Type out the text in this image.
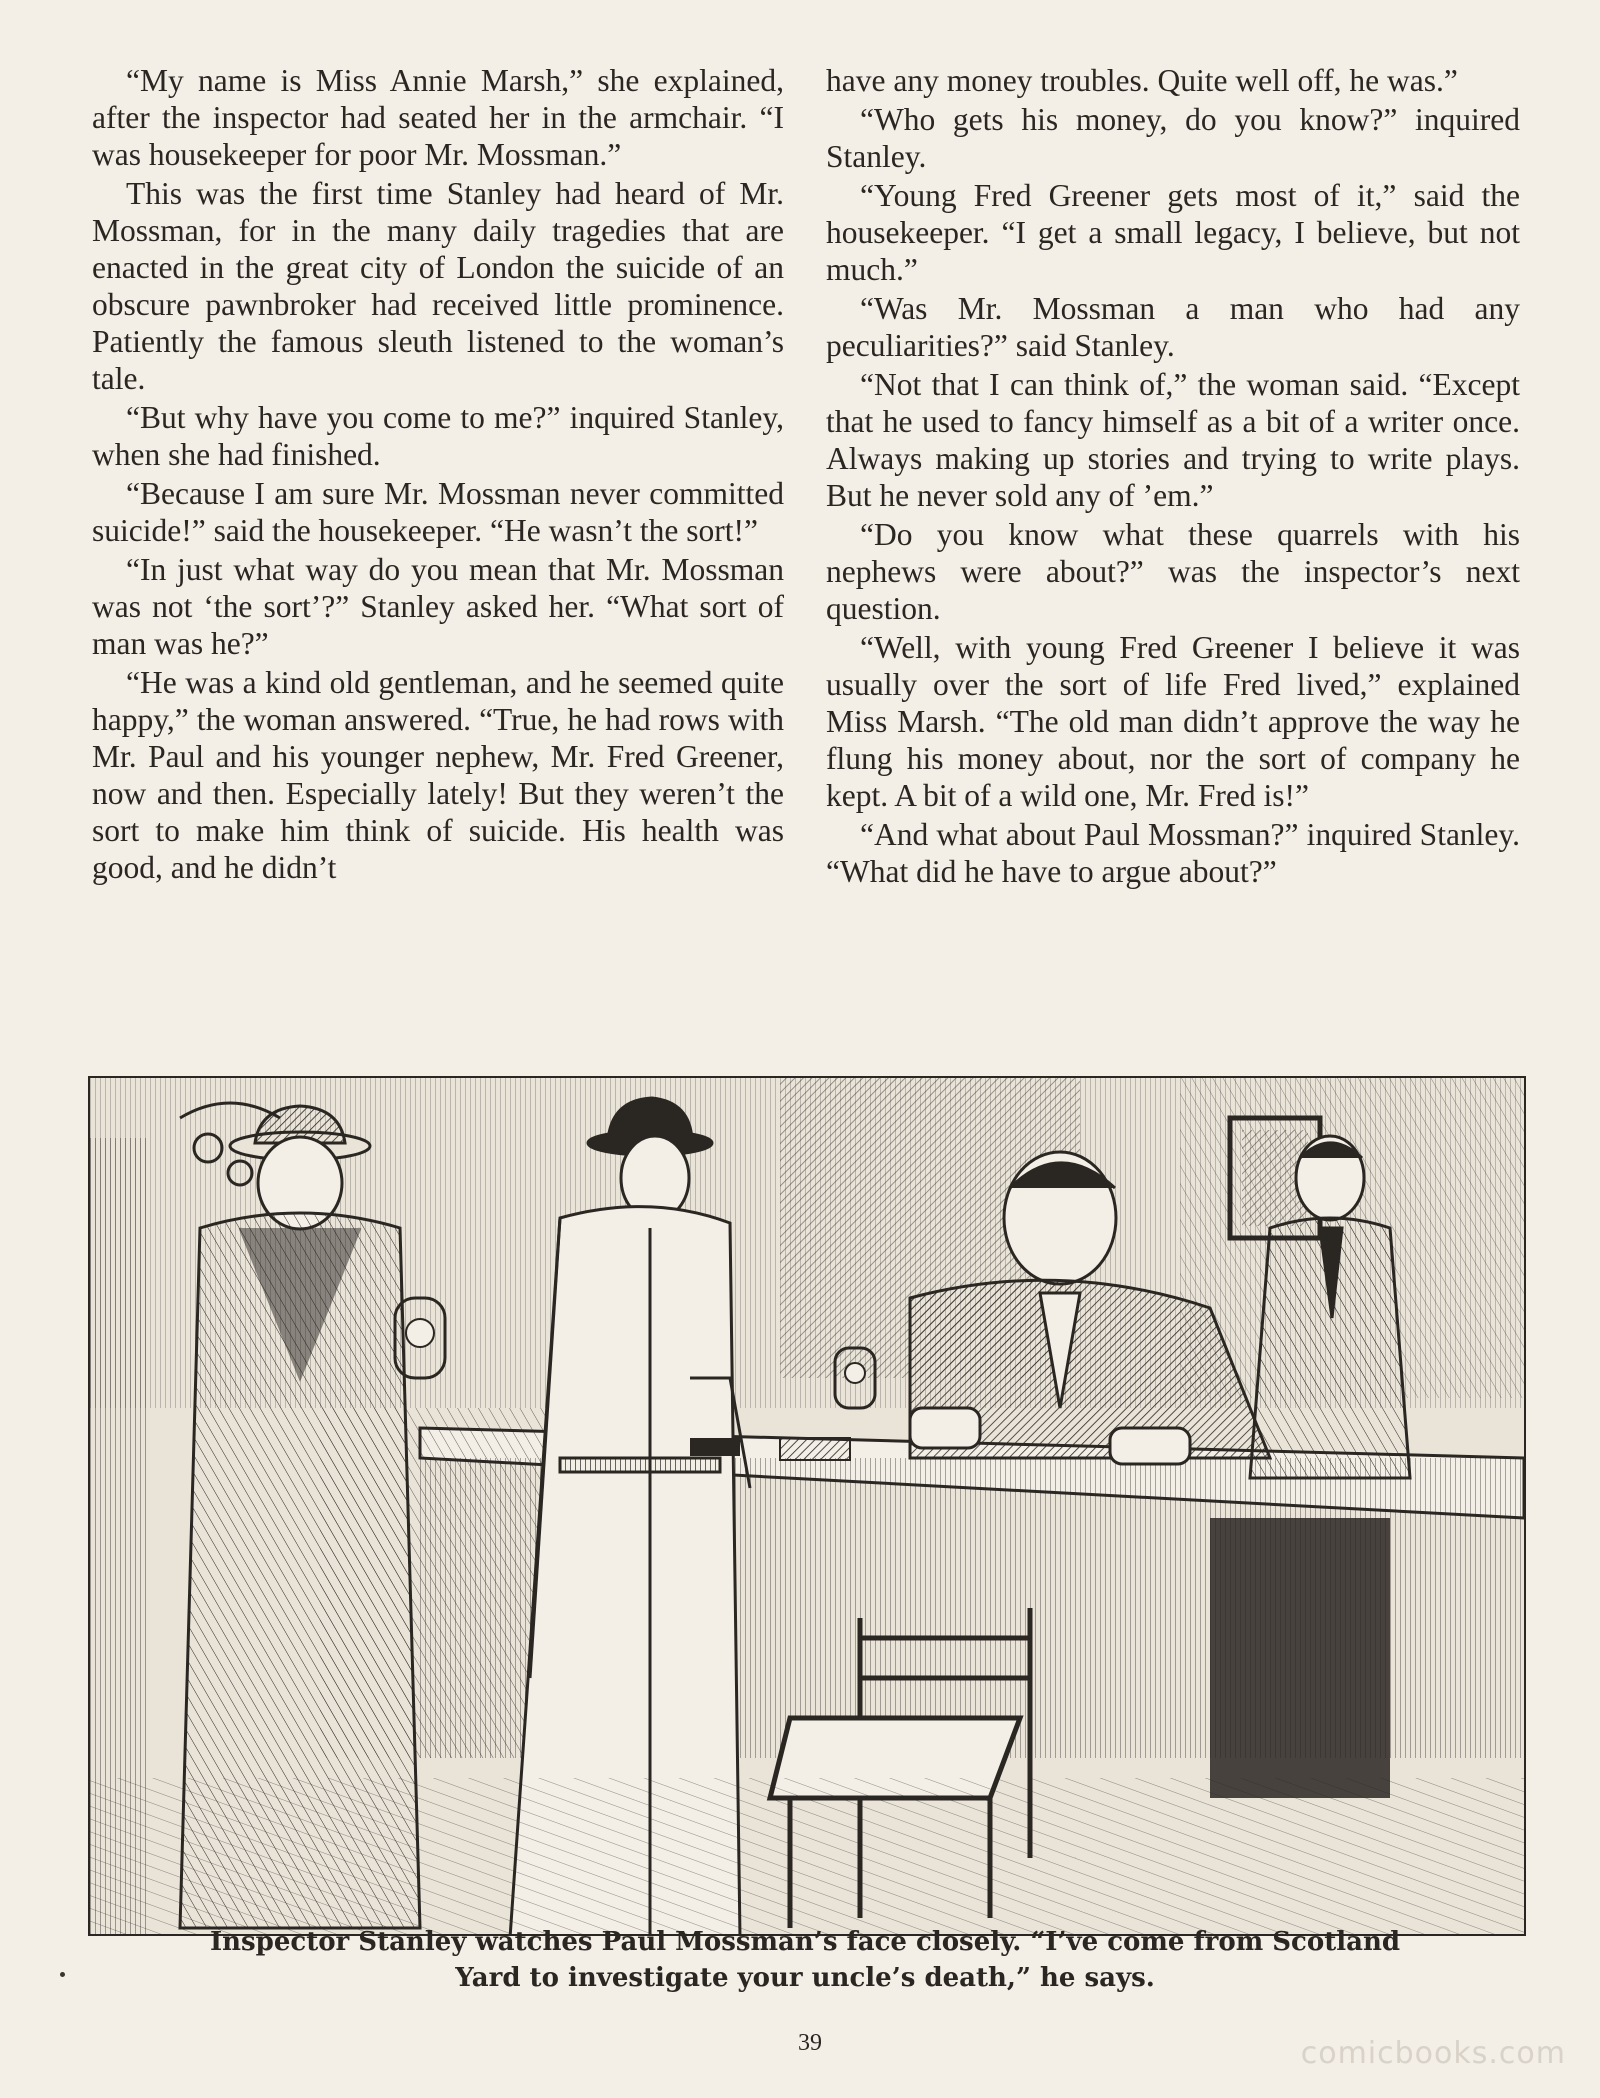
“My name is Miss Annie Marsh,” she explained, after the inspector had seated her in the armchair. “I was housekeeper for poor Mr. Mossman.”

This was the first time Stanley had heard of Mr. Mossman, for in the many daily tragedies that are enacted in the great city of London the suicide of an obscure pawnbroker had received little prominence. Patiently the famous sleuth listened to the woman’s tale.

“But why have you come to me?” inquired Stanley, when she had finished.

“Because I am sure Mr. Mossman never committed suicide!” said the housekeeper. “He wasn’t the sort!”

“In just what way do you mean that Mr. Mossman was not ‘the sort’?” Stanley asked her. “What sort of man was he?”

“He was a kind old gentleman, and he seemed quite happy,” the woman answered. “True, he had rows with Mr. Paul and his younger nephew, Mr. Fred Greener, now and then. Especially lately! But they weren’t the sort to make him think of suicide. His health was good, and he didn’t

have any money troubles. Quite well off, he was.”

“Who gets his money, do you know?” inquired Stanley.

“Young Fred Greener gets most of it,” said the housekeeper. “I get a small legacy, I believe, but not much.”

“Was Mr. Mossman a man who had any peculiarities?” said Stanley.

“Not that I can think of,” the woman said. “Except that he used to fancy himself as a bit of a writer once. Always making up stories and trying to write plays. But he never sold any of ’em.”

“Do you know what these quarrels with his nephews were about?” was the inspector’s next question.

“Well, with young Fred Greener I believe it was usually over the sort of life Fred lived,” explained Miss Marsh. “The old man didn’t approve the way he flung his money about, nor the sort of company he kept. A bit of a wild one, Mr. Fred is!”

“And what about Paul Mossman?” inquired Stanley. “What did he have to argue about?”

Inspector Stanley watches Paul Mossman’s face closely. “I’ve come from Scotland
Yard to investigate your uncle’s death,” he says.
39	comicbooks.com
